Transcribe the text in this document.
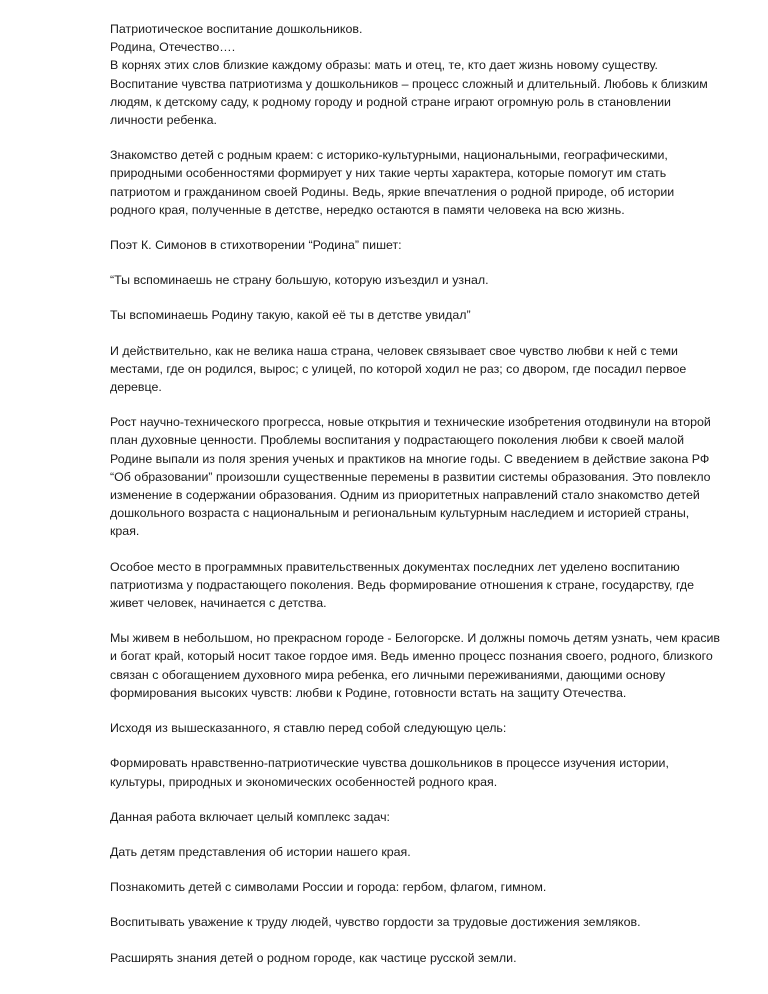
Патриотическое воспитание дошкольников.

Родина, Отечество….

В корнях этих слов близкие каждому образы: мать и отец, те, кто дает жизнь новому существу. Воспитание чувства патриотизма у дошкольников – процесс сложный и длительный. Любовь к близким людям, к детскому саду, к родному городу и родной стране играют огромную роль в становлении личности ребенка.

Знакомство детей с родным краем: с историко-культурными, национальными, географическими, природными особенностями формирует у них такие черты характера, которые помогут им стать патриотом и гражданином своей Родины. Ведь, яркие впечатления о родной природе, об истории родного края, полученные в детстве, нередко остаются в памяти человека на всю жизнь.

Поэт К. Симонов в стихотворении “Родина” пишет:

“Ты вспоминаешь не страну большую, которую изъездил и узнал.

Ты вспоминаешь Родину такую, какой её ты в детстве увидал”

И действительно, как не велика наша страна, человек связывает свое чувство любви к ней с теми местами, где он родился, вырос; с улицей, по которой ходил не раз; со двором, где посадил первое деревце.

Рост научно-технического прогресса, новые открытия и технические изобретения отодвинули на второй план духовные ценности. Проблемы воспитания у подрастающего поколения любви к своей малой Родине выпали из поля зрения ученых и практиков на многие годы. С введением в действие закона РФ “Об образовании” произошли существенные перемены в развитии системы образования. Это повлекло изменение в содержании образования. Одним из приоритетных направлений стало знакомство детей дошкольного возраста с национальным и региональным культурным наследием и историей страны, края.

Особое место в программных правительственных документах последних лет уделено воспитанию патриотизма у подрастающего поколения. Ведь формирование отношения к стране, государству, где живет человек, начинается с детства.

Мы живем в небольшом, но прекрасном городе - Белогорске. И должны помочь детям узнать, чем красив и богат край, который носит такое гордое имя. Ведь именно процесс познания своего, родного, близкого связан с обогащением духовного мира ребенка, его личными переживаниями, дающими основу формирования высоких чувств: любви к Родине, готовности встать на защиту Отечества.

Исходя из вышесказанного, я ставлю перед собой следующую цель:

Формировать нравственно-патриотические чувства дошкольников в процессе изучения истории, культуры, природных и экономических особенностей родного края.

Данная работа включает целый комплекс задач:

Дать детям представления об истории нашего края.

Познакомить детей с символами России и города: гербом, флагом, гимном.

Воспитывать уважение к труду людей, чувство гордости за трудовые достижения земляков.

Расширять знания детей о родном городе, как частице русской земли.
